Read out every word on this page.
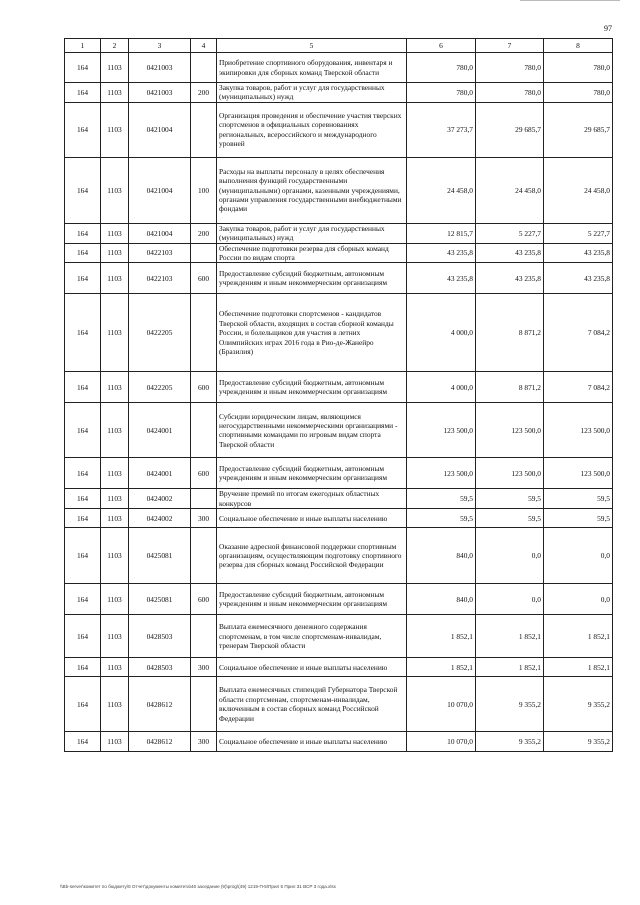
97
1	2	3	4	5	6	7	8
164	1103	0421003		Приобретение спортивного оборудования, инвентаря и экипировки для сборных команд Тверской области	780,0	780,0	780,0
164	1103	0421003	200	Закупка товаров, работ и услуг для государственных (муниципальных) нужд	780,0	780,0	780,0
164	1103	0421004		Организация проведения и обеспечение участия тверских спортсменов в официальных соревнованиях региональных, всероссийского и международного уровней	37 273,7	29 685,7	29 685,7
164	1103	0421004	100	Расходы на выплаты персоналу в целях обеспечения выполнения функций государственными (муниципальными) органами, казенными учреждениями, органами управления государственными внебюджетными фондами	24 458,0	24 458,0	24 458,0
164	1103	0421004	200	Закупка товаров, работ и услуг для государственных (муниципальных) нужд	12 815,7	5 227,7	5 227,7
164	1103	0422103		Обеспечение подготовки резерва для сборных команд России по видам спорта	43 235,8	43 235,8	43 235,8
164	1103	0422103	600	Предоставление субсидий бюджетным, автономным учреждениям и иным некоммерческим организациям	43 235,8	43 235,8	43 235,8
164	1103	0422205		Обеспечение подготовки спортсменов - кандидатов Тверской области, входящих в состав сборной команды России, и болельщиков для участия в летних Олимпийских играх 2016 года в Рио-де-Жанейро (Бразилия)	4 000,0	8 871,2	7 084,2
164	1103	0422205	600	Предоставление субсидий бюджетным, автономным учреждениям и иным некоммерческим организациям	4 000,0	8 871,2	7 084,2
164	1103	0424001		Субсидии юридическим лицам, являющимся негосударственными некоммерческими организациями - спортивными командами по игровым видам спорта Тверской области	123 500,0	123 500,0	123 500,0
164	1103	0424001	600	Предоставление субсидий бюджетным, автономным учреждениям и иным некоммерческим организациям	123 500,0	123 500,0	123 500,0
164	1103	0424002		Вручение премий по итогам ежегодных областных конкурсов	59,5	59,5	59,5
164	1103	0424002	300	Социальное обеспечение и иные выплаты населению	59,5	59,5	59,5
164	1103	0425081		Оказание адресной финансовой поддержки спортивным организациям, осуществляющим подготовку спортивного резерва для сборных команд Российской Федерации	840,0	0,0	0,0
164	1103	0425081	600	Предоставление субсидий бюджетным, автономным учреждениям и иным некоммерческим организациям	840,0	0,0	0,0
164	1103	0428503		Выплата ежемесячного денежного содержания спортсменам, в том числе спортсменам-инвалидам, тренерам Тверской области	1 852,1	1 852,1	1 852,1
164	1103	0428503	300	Социальное обеспечение и иные выплаты населению	1 852,1	1 852,1	1 852,1
164	1103	0428612		Выплата ежемесячных стипендий Губернатора Тверской области спортсменам, спортсменам-инвалидам, включенным в состав сборных команд Российской Федерации	10 070,0	9 355,2	9 355,2
164	1103	0428612	300	Социальное обеспечение и иные выплаты населению	10 070,0	9 355,2	9 355,2
\\Bb-server\комитет по бюджету\5 Отчет\документы комитета\46 заседание (9)\prog\(49) 1219-П-5\Прил 5 Прил 31 ВСР 3 года.xlsx
